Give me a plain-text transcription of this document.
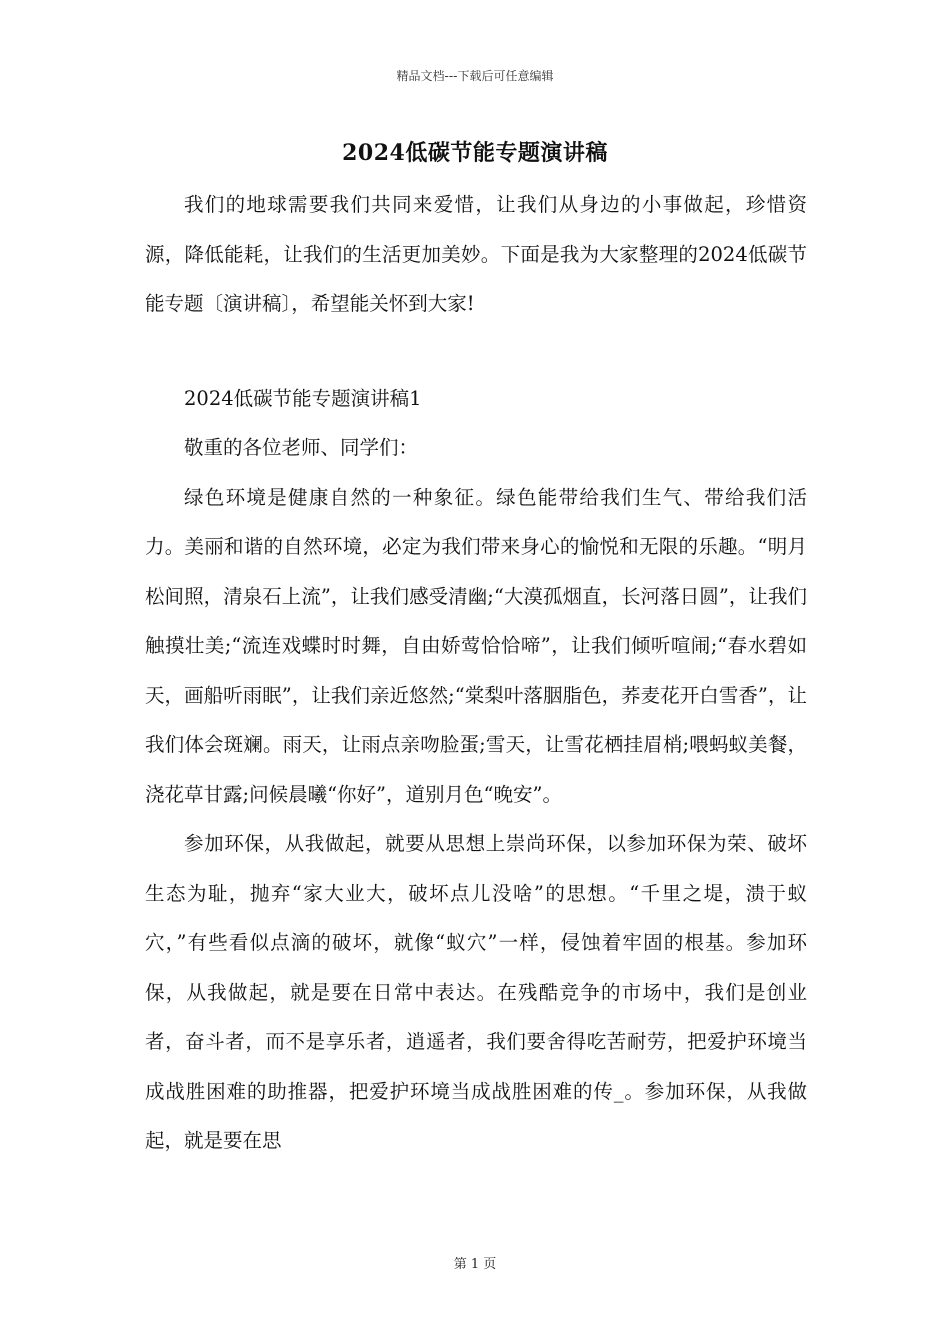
精品文档---下载后可任意编辑
2024低碳节能专题演讲稿

我们的地球需要我们共同来爱惜，让我们从身边的小事做起，珍惜资源，降低能耗，让我们的生活更加美妙。下面是我为大家整理的2024低碳节能专题〔演讲稿〕，希望能关怀到大家!

2024低碳节能专题演讲稿1

敬重的各位老师、同学们：

绿色环境是健康自然的一种象征。绿色能带给我们生气、带给我们活力。美丽和谐的自然环境，必定为我们带来身心的愉悦和无限的乐趣。“明月松间照，清泉石上流”，让我们感受清幽;“大漠孤烟直，长河落日圆”，让我们触摸壮美;“流连戏蝶时时舞，自由娇莺恰恰啼”，让我们倾听喧闹;“春水碧如天，画船听雨眠”，让我们亲近悠然;“棠梨叶落胭脂色，荞麦花开白雪香”，让我们体会斑斓。雨天，让雨点亲吻脸蛋;雪天，让雪花栖挂眉梢;喂蚂蚁美餐，浇花草甘露;问候晨曦“你好”，道别月色“晚安”。

参加环保，从我做起，就要从思想上崇尚环保，以参加环保为荣、破坏生态为耻，抛弃“家大业大，破坏点儿没啥”的思想。“千里之堤，溃于蚁穴，”有些看似点滴的破坏，就像“蚁穴”一样，侵蚀着牢固的根基。参加环保，从我做起，就是要在日常中表达。在残酷竞争的市场中，我们是创业者，奋斗者，而不是享乐者，逍遥者，我们要舍得吃苦耐劳，把爱护环境当成战胜困难的助推器，把爱护环境当成战胜困难的传_。参加环保，从我做起，就是要在思

第 1 页
